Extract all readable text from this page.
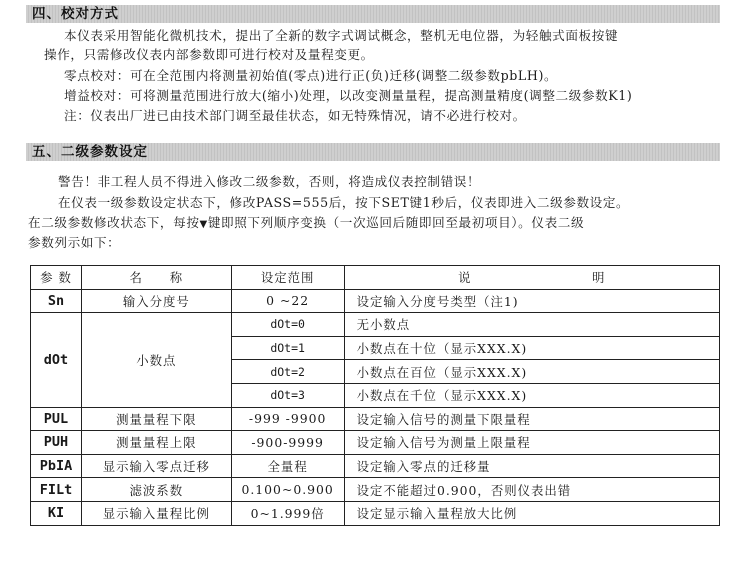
四、校对方式
本仪表采用智能化微机技术，提出了全新的数字式调试概念，整机无电位器，为轻触式面板按键
操作，只需修改仪表内部参数即可进行校对及量程变更。
零点校对：可在全范围内将测量初始值(零点)进行正(负)迁移(调整二级参数pbLH)。
增益校对：可将测量范围进行放大(缩小)处理，以改变测量量程，提高测量精度(调整二级参数K1)
注：仪表出厂进已由技术部门调至最佳状态，如无特殊情况，请不必进行校对。
五、二级参数设定
警告！非工程人员不得进入修改二级参数，否则，将造成仪表控制错误！
在仪表一级参数设定状态下，修改PASS=555后，按下SET键1秒后，仪表即进入二级参数设定。
在二级参数修改状态下，每按▼键即照下列顺序变换（一次巡回后随即回至最初项目）。仪表二级
参数列示如下：
参 数	名　　称	设定范围	说　　　　　　　　　明
Sn	输入分度号	0 ~22	设定输入分度号类型（注1)
dOt	小数点	dOt=0	无小数点
		dOt=1	小数点在十位（显示XXX.X)
		dOt=2	小数点在百位（显示XXX.X)
		dOt=3	小数点在千位（显示XXX.X)
PUL	测量量程下限	-999 -9900	设定输入信号的测量下限量程
PUH	测量量程上限	-900-9999	设定输入信号为测量上限量程
PbIA	显示输入零点迁移	全量程	设定输入零点的迁移量
FILt	滤波系数	0.100~0.900	设定不能超过0.900，否则仪表出错
KI	显示输入量程比例	0~1.999倍	设定显示输入量程放大比例
